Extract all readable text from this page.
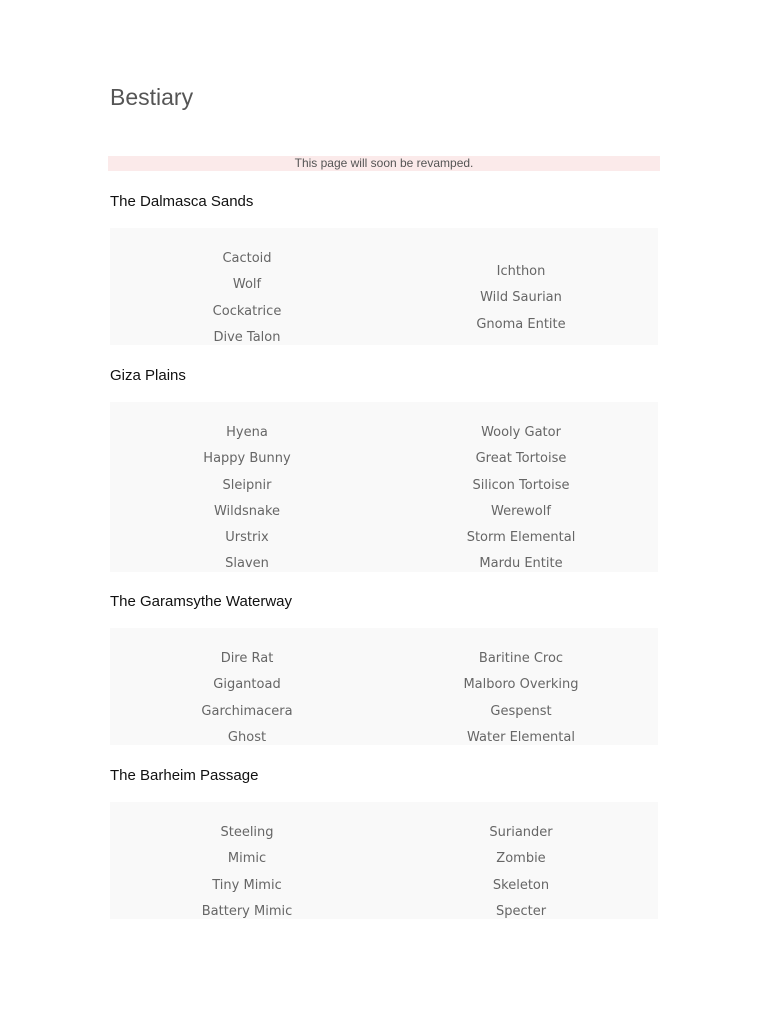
Bestiary
This page will soon be revamped.
The Dalmasca Sands
Cactoid
Wolf
Cockatrice
Dive Talon
Ichthon
Wild Saurian
Gnoma Entite
Giza Plains
Hyena
Happy Bunny
Sleipnir
Wildsnake
Urstrix
Slaven
Wooly Gator
Great Tortoise
Silicon Tortoise
Werewolf
Storm Elemental
Mardu Entite
The Garamsythe Waterway
Dire Rat
Gigantoad
Garchimacera
Ghost
Baritine Croc
Malboro Overking
Gespenst
Water Elemental
The Barheim Passage
Steeling
Mimic
Tiny Mimic
Battery Mimic
Suriander
Zombie
Skeleton
Specter
